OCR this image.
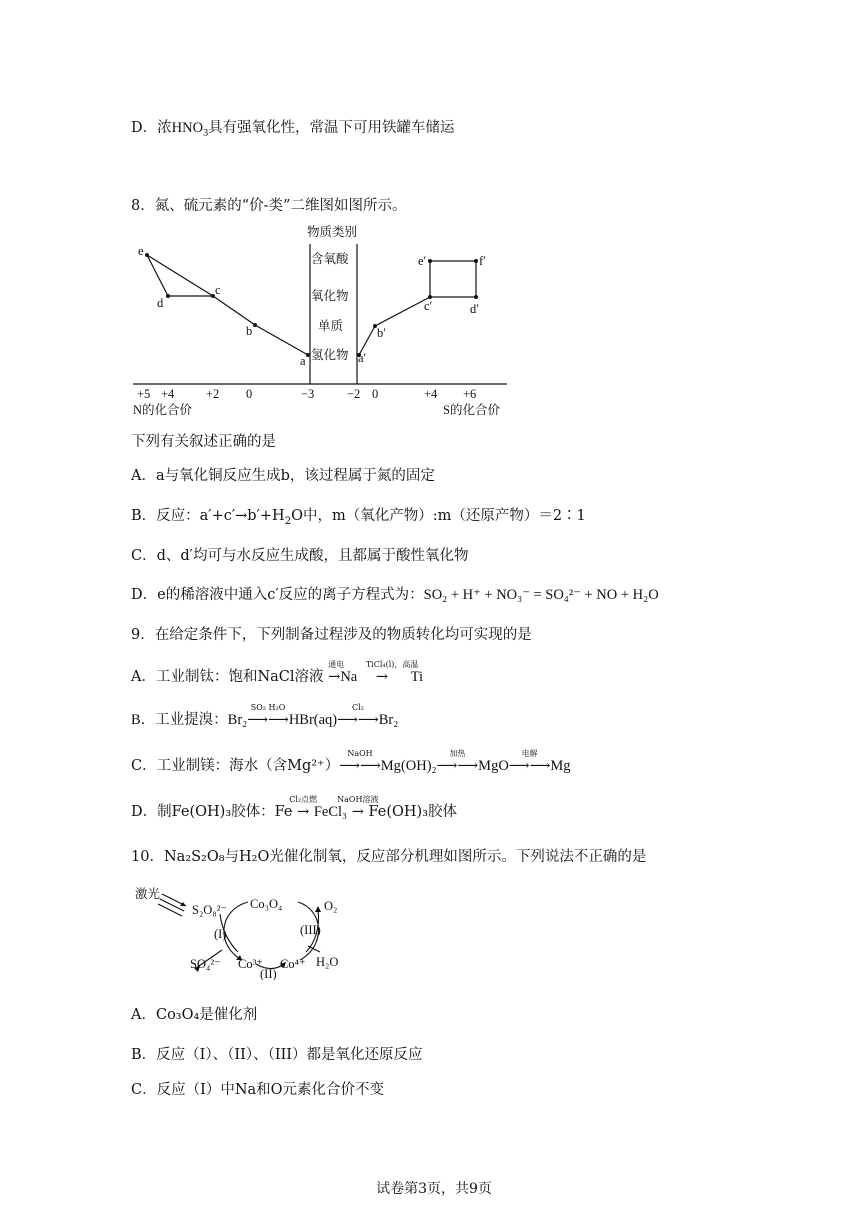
D．浓$HNO_3$具有强氧化性，常温下可用铁罐车储运
8．氮、硫元素的“价-类”二维图如图所示。
物质类别
含氧酸
氧化物
单质
氢化物
e
d
c
b
a	a′
b′
c′	d′
e′	f′
+5 +4	+2 0	−3	−2 0	+4 +6
N的化合价	S的化合价
下列有关叙述正确的是
A．a与氧化铜反应生成b，该过程属于氮的固定
B．反应：$a'+c'\to b'+H_2O$中，m（氧化产物）:m（还原产物）＝2∶1
C．d、d′均可与水反应生成酸，且都属于酸性氧化物
D．e的稀溶液中通入c′反应的离子方程式为：SO₂ + H⁺ + NO₃⁻ = SO₄²⁻ + NO + H₂O
9．在给定条件下，下列制备过程涉及的物质转化均可实现的是
A．工业制钛：饱和NaCl溶液
通电
→Na
TiCl₄(l)，高温
→ Ti
B．工业提溴：Br₂
SO₂ H₂O
⟶⟶HBr(aq)
Cl₂
⟶⟶Br₂
C．工业制镁：海水（含Mg²⁺）
NaOH
⟶⟶Mg(OH)₂
加热
⟶⟶MgO
电解
⟶⟶Mg
D．制Fe(OH)₃胶体：Fe
Cl₂点燃
→ FeCl₃
NaOH溶液
→ Fe(OH)₃胶体
10．Na₂S₂O₈与H₂O光催化制氧，反应部分机理如图所示。下列说法不正确的是
激光
S₂O₈²⁻ Co₃O₄	O₂
(I)	(III)
(II)
SO₄²⁻ Co³⁺ Co⁴⁺ H₂O
A．Co₃O₄是催化剂
B．反应（I）、（II）、（III）都是氧化还原反应
C．反应（I）中Na和O元素化合价不变
试卷第3页，共9页
